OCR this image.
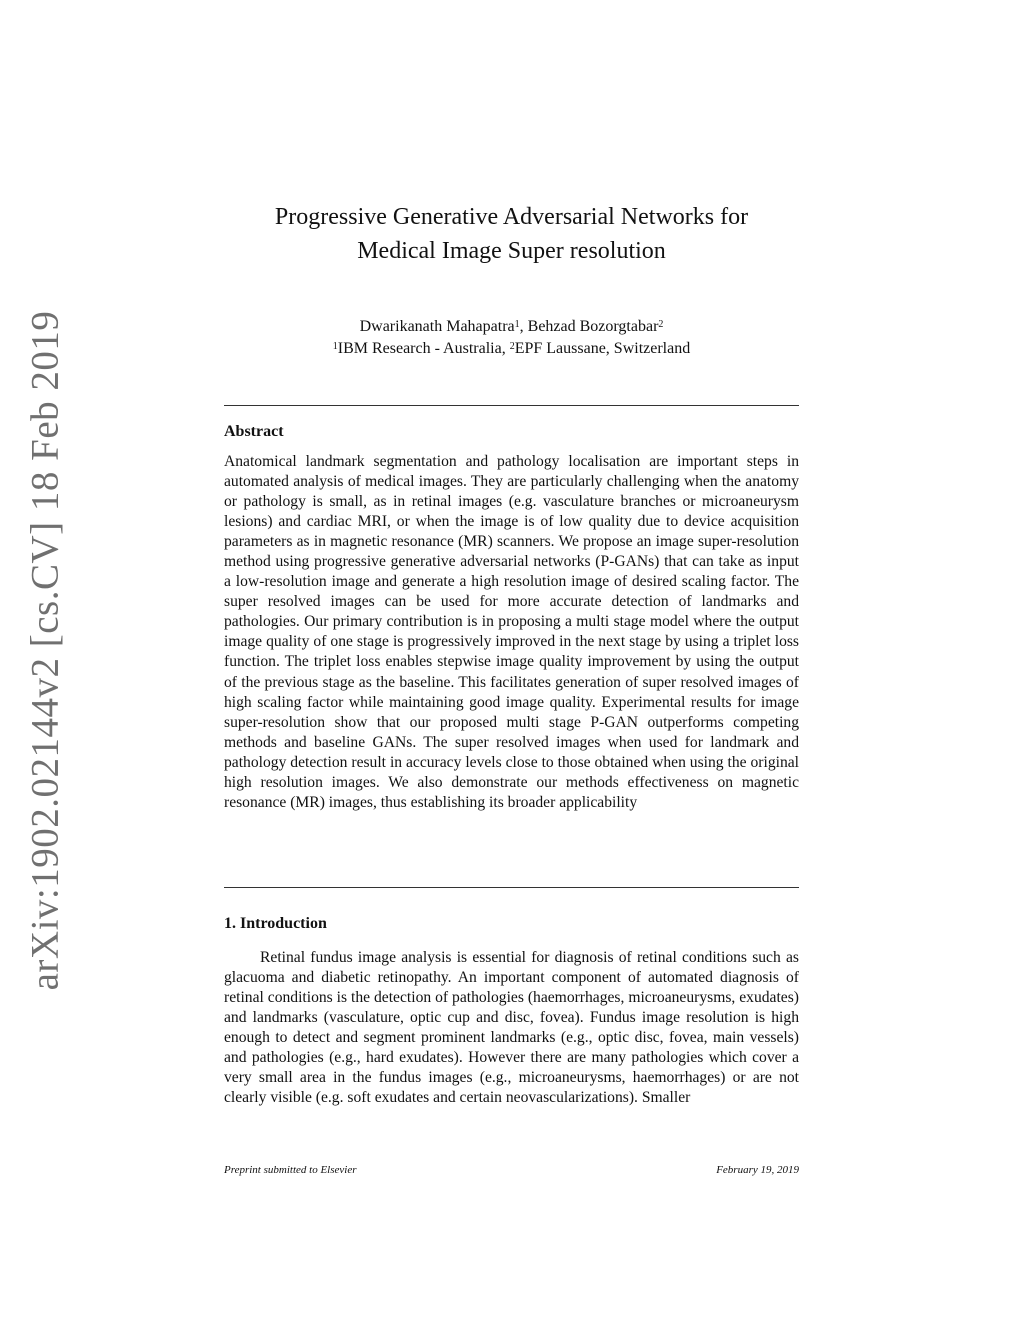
arXiv:1902.02144v2 [cs.CV] 18 Feb 2019
Progressive Generative Adversarial Networks for
Medical Image Super resolution
Dwarikanath Mahapatra$^1$, Behzad Bozorgtabar$^2$
$^1$IBM Research - Australia, $^2$EPF Laussane, Switzerland
Abstract
Anatomical landmark segmentation and pathology localisation are important steps in automated analysis of medical images. They are particularly challenging when the anatomy or pathology is small, as in retinal images (e.g. vasculature branches or microaneurysm lesions) and cardiac MRI, or when the image is of low quality due to device acquisition parameters as in magnetic resonance (MR) scanners. We propose an image super-resolution method using progressive generative adversarial networks (P-GANs) that can take as input a low-resolution image and generate a high resolution image of desired scaling factor. The super resolved images can be used for more accurate detection of landmarks and pathologies. Our primary contribution is in proposing a multi stage model where the output image quality of one stage is progressively improved in the next stage by using a triplet loss function. The triplet loss enables stepwise image quality improvement by using the output of the previous stage as the baseline. This facilitates generation of super resolved images of high scaling factor while maintaining good image quality. Experimental results for image super-resolution show that our proposed multi stage P-GAN outperforms competing methods and baseline GANs. The super resolved images when used for landmark and pathology detection result in accuracy levels close to those obtained when using the original high resolution images. We also demonstrate our methods effectiveness on magnetic resonance (MR) images, thus establishing its broader applicability
1. Introduction
Retinal fundus image analysis is essential for diagnosis of retinal conditions such as glacuoma and diabetic retinopathy. An important component of automated diagnosis of retinal conditions is the detection of pathologies (haemorrhages, microaneurysms, exudates) and landmarks (vasculature, optic cup and disc, fovea). Fundus image resolution is high enough to detect and segment prominent landmarks (e.g., optic disc, fovea, main vessels) and pathologies (e.g., hard exudates). However there are many pathologies which cover a very small area in the fundus images (e.g., microaneurysms, haemorrhages) or are not clearly visible (e.g. soft exudates and certain neovascularizations). Smaller
Preprint submitted to Elsevier	February 19, 2019
